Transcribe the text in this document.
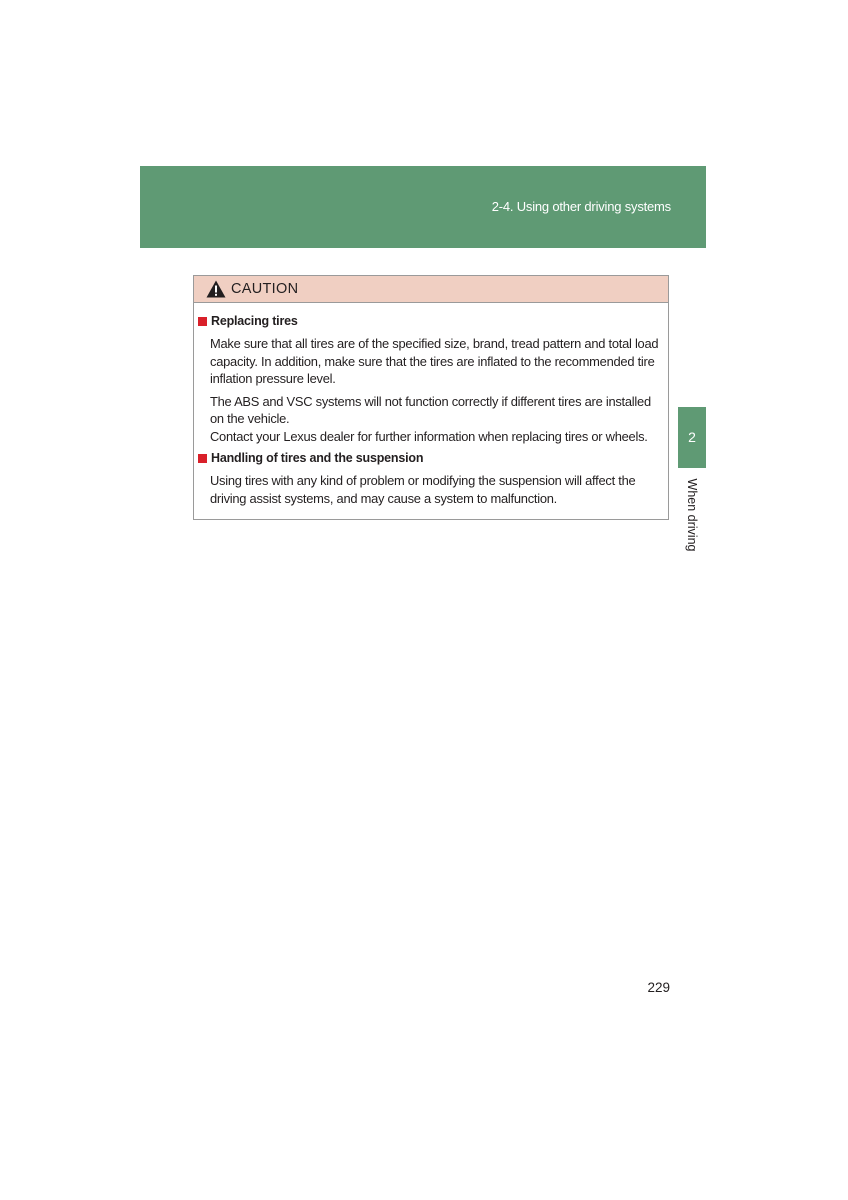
2-4. Using other driving systems
2
When driving
CAUTION
Replacing tires
Make sure that all tires are of the specified size, brand, tread pattern and total load capacity. In addition, make sure that the tires are inflated to the recommended tire inflation pressure level.
The ABS and VSC systems will not function correctly if different tires are installed on the vehicle.
Contact your Lexus dealer for further information when replacing tires or wheels.
Handling of tires and the suspension
Using tires with any kind of problem or modifying the suspension will affect the driving assist systems, and may cause a system to malfunction.
229
